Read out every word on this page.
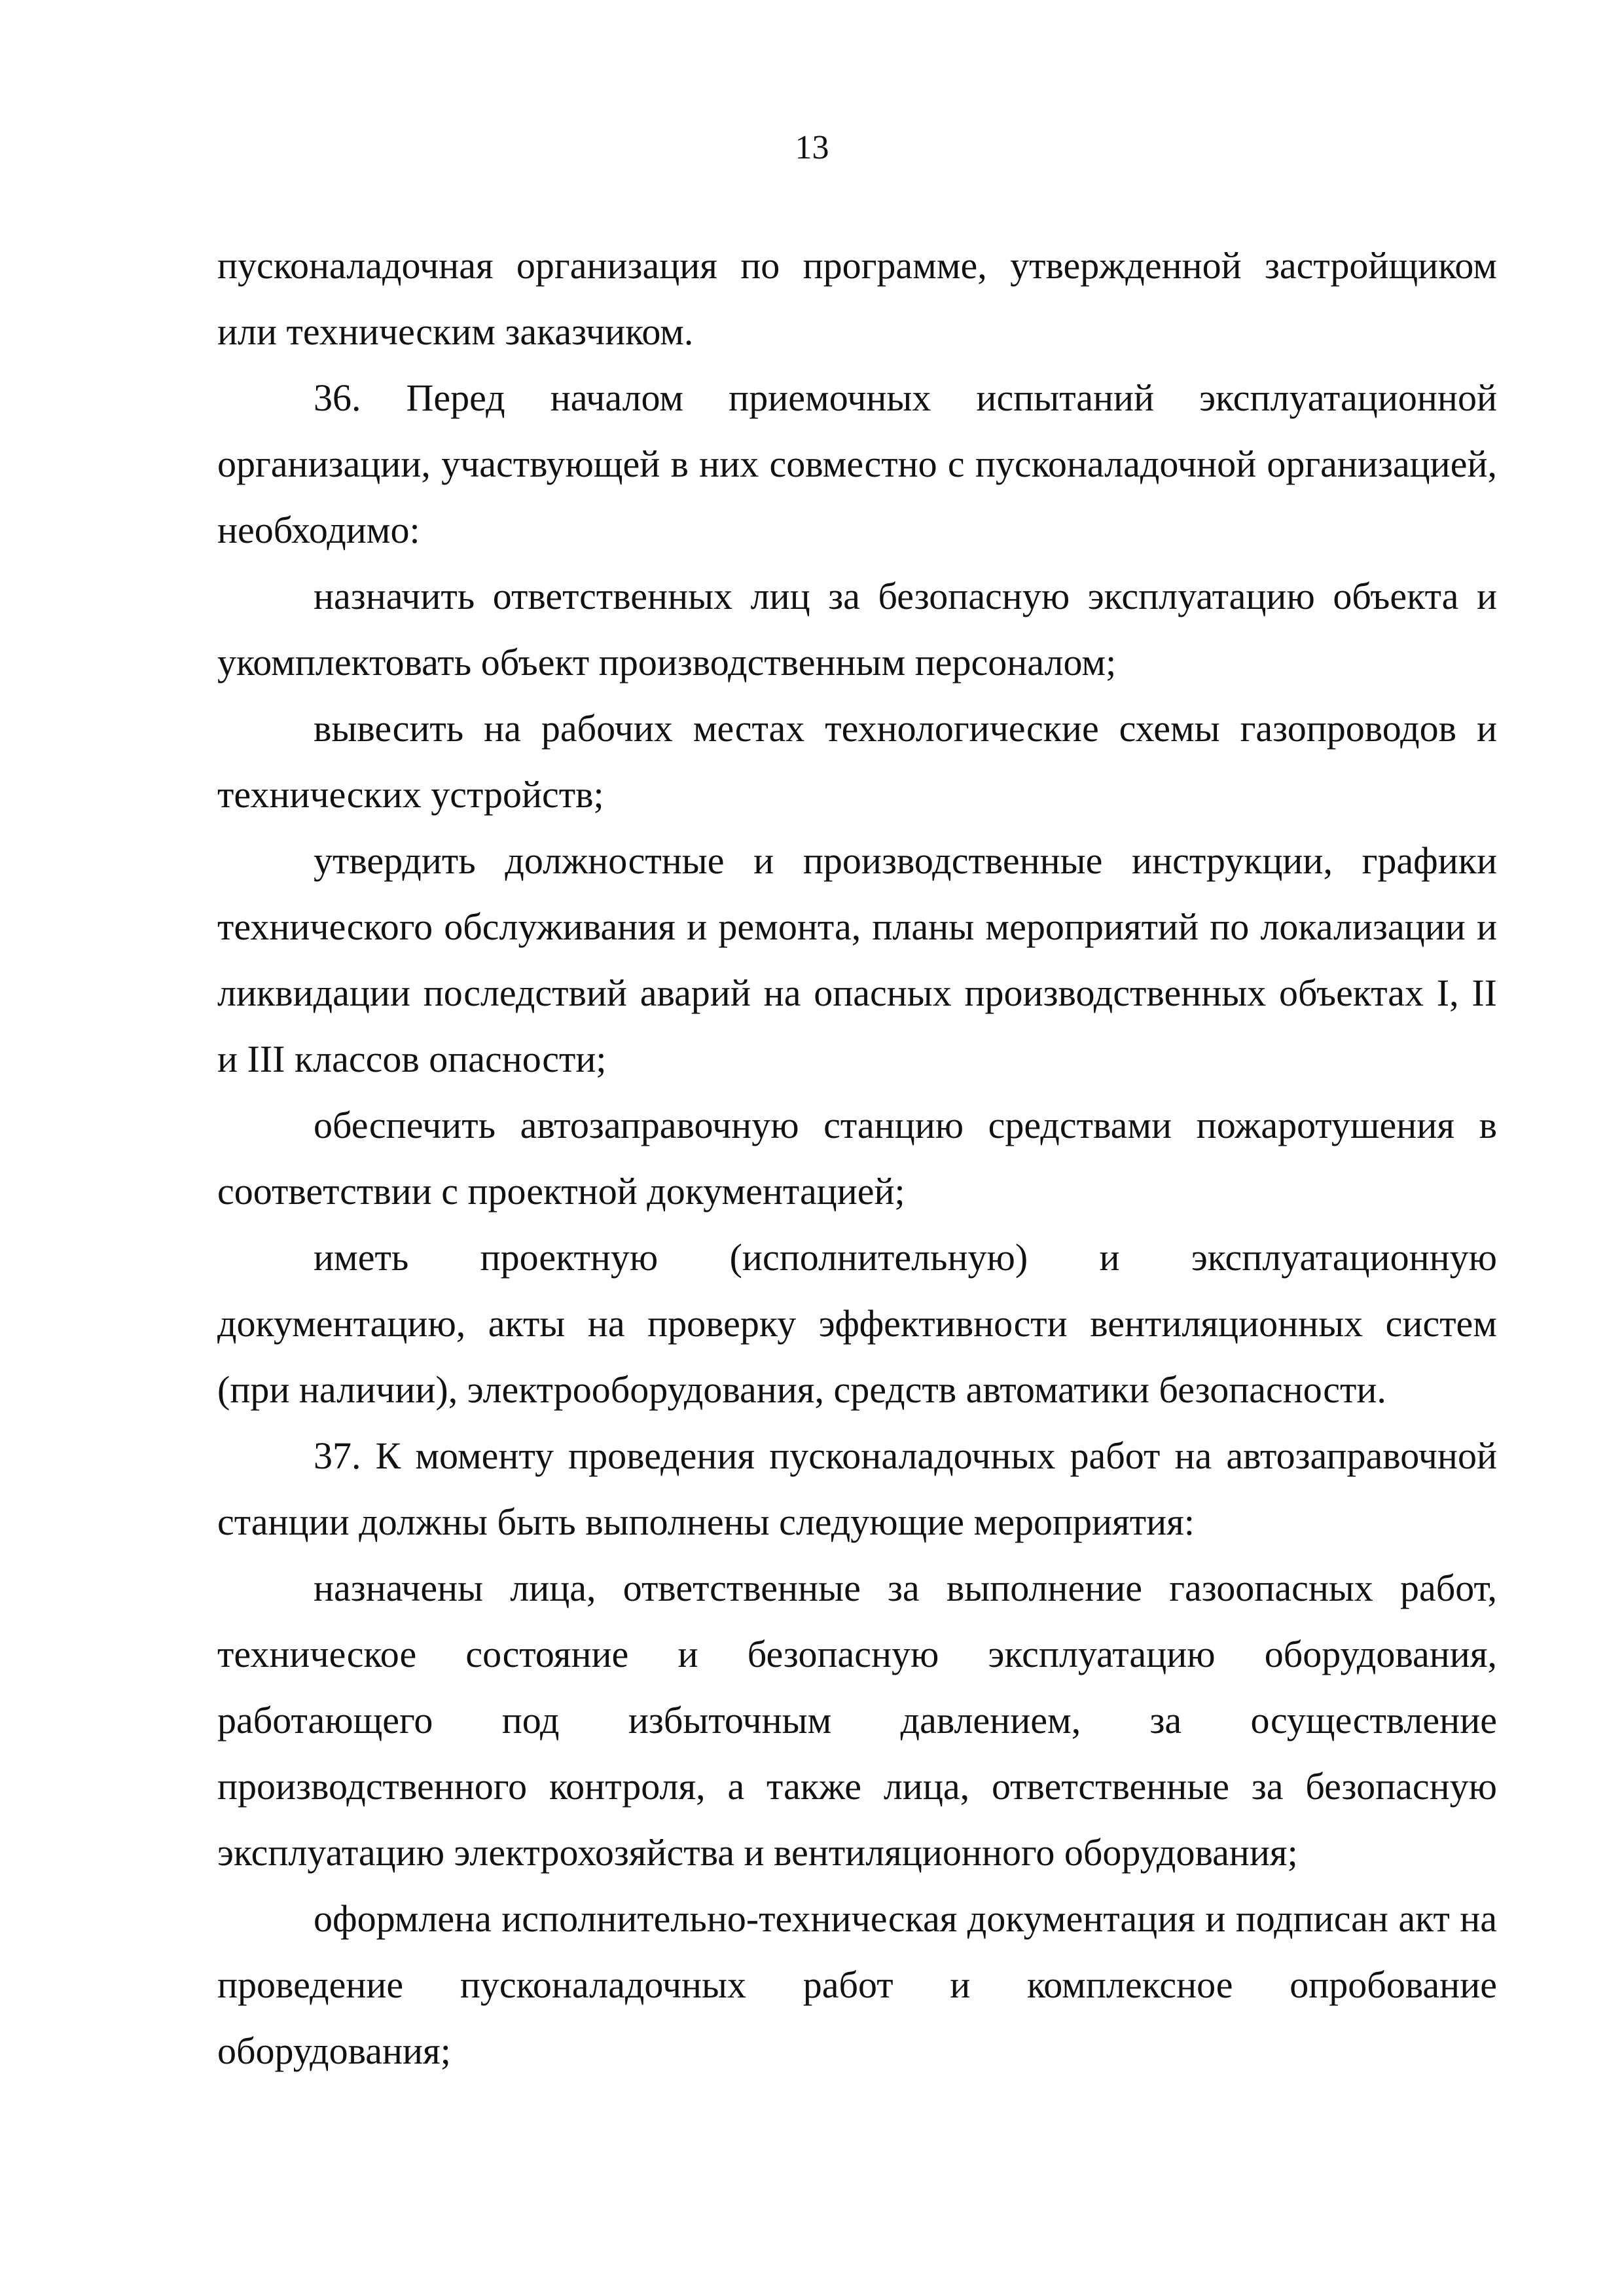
13

пусконаладочная организация по программе, утвержденной застройщиком или техническим заказчиком.

36. Перед началом приемочных испытаний эксплуатационной организации, участвующей в них совместно с пусконаладочной организацией, необходимо:

назначить ответственных лиц за безопасную эксплуатацию объекта и укомплектовать объект производственным персоналом;

вывесить на рабочих местах технологические схемы газопроводов и технических устройств;

утвердить должностные и производственные инструкции, графики технического обслуживания и ремонта, планы мероприятий по локализации и ликвидации последствий аварий на опасных производственных объектах I, II и III классов опасности;

обеспечить автозаправочную станцию средствами пожаротушения в соответствии с проектной документацией;

иметь проектную (исполнительную) и эксплуатационную документацию, акты на проверку эффективности вентиляционных систем (при наличии), электрооборудования, средств автоматики безопасности.

37. К моменту проведения пусконаладочных работ на автозаправочной станции должны быть выполнены следующие мероприятия:

назначены лица, ответственные за выполнение газоопасных работ, техническое состояние и безопасную эксплуатацию оборудования, работающего под избыточным давлением, за осуществление производственного контроля, а также лица, ответственные за безопасную эксплуатацию электрохозяйства и вентиляционного оборудования;

оформлена исполнительно-техническая документация и подписан акт на проведение пусконаладочных работ и комплексное опробование оборудования;
